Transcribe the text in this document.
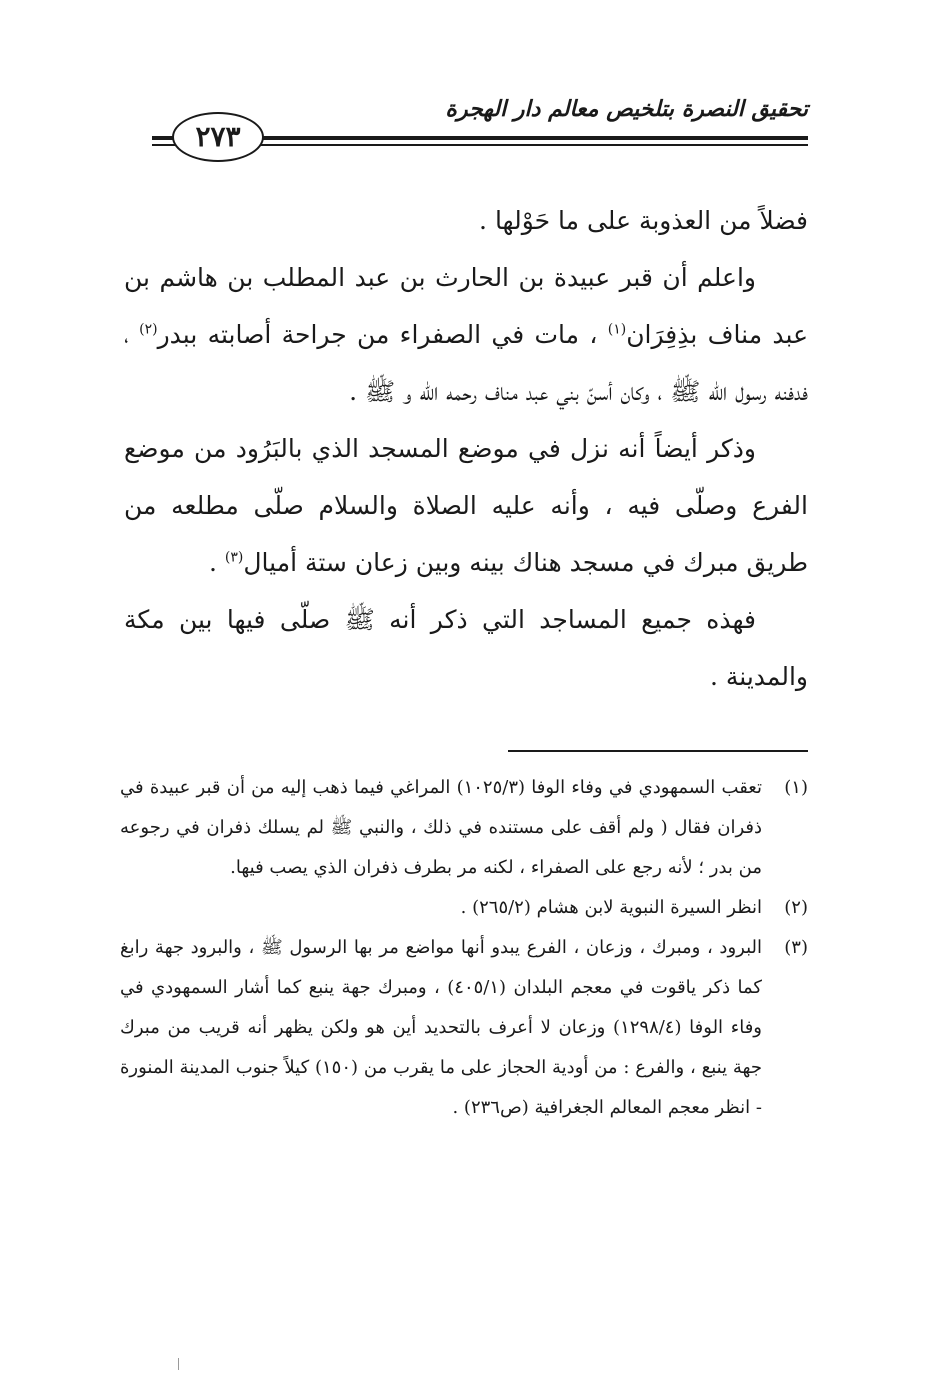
تحقيق النصرة بتلخيص معالم دار الهجرة
٢٧٣

فضلاً من العذوبة على ما حَوْلها .

واعلم أن قبر عبيدة بن الحارث بن عبد المطلب بن هاشم بن عبد مناف بذِفِرَان$^{(١)}$ ، مات في الصفراء من جراحة أصابته ببدر$^{(٢)}$ ، فدفنه رسول الله ﷺ ، وكان أسنّ بني عبد مناف رحمه الله و ﷺ .

وذكر أيضاً أنه نزل في موضع المسجد الذي بالبَرُود من موضع الفرع وصلّى فيه ، وأنه عليه الصلاة والسلام صلّى مطلعه من طريق مبرك في مسجد هناك بينه وبين زعان ستة أميال$^{(٣)}$ .

فهذه جميع المساجد التي ذكر أنه ﷺ صلّى فيها بين مكة والمدينة .

(١)
تعقب السمهودي في وفاء الوفا (١٠٢٥/٣) المراغي فيما ذهب إليه من أن قبر عبيدة في ذفران فقال ( ولم أقف على مستنده في ذلك ، والنبي ﷺ لم يسلك ذفران في رجوعه من بدر ؛ لأنه رجع على الصفراء ، لكنه مر بطرف ذفران الذي يصب فيها.
(٢)
انظر السيرة النبوية لابن هشام (٢٦٥/٢) .
(٣)
البرود ، ومبرك ، وزعان ، الفرع يبدو أنها مواضع مر بها الرسول ﷺ ، والبرود جهة رابغ كما ذكر ياقوت في معجم البلدان (٤٠٥/١) ، ومبرك جهة ينبع كما أشار السمهودي في وفاء الوفا (١٢٩٨/٤) وزعان لا أعرف بالتحديد أين هو ولكن يظهر أنه قريب من مبرك جهة ينبع ، والفرع : من أودية الحجاز على ما يقرب من (١٥٠) كيلاً جنوب المدينة المنورة - انظر معجم المعالم الجغرافية (ص٢٣٦) .
